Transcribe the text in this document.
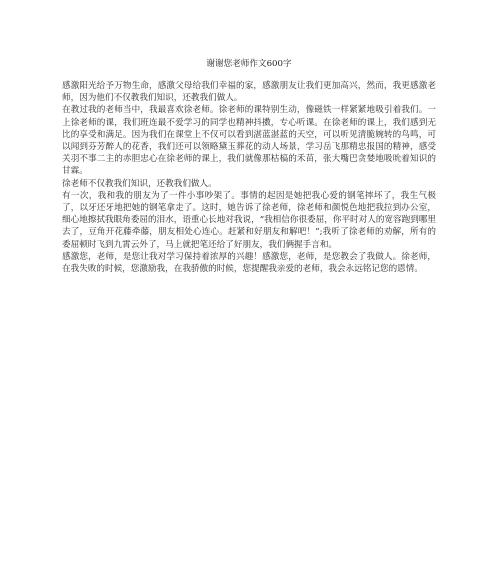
谢谢您老师作文600字

感激阳光给予万物生命，感激父母给我们幸福的家，感激朋友让我们更加高兴，然而，我更感激老师，因为他们不仅教我们知识，还教我们做人。

在教过我的老师当中，我最喜欢徐老师。徐老师的课特别生动，像磁铁一样紧紧地吸引着我们。一上徐老师的课，我们班连最不爱学习的同学也精神抖擞，专心听课。在徐老师的课上，我们感到无比的享受和满足。因为我们在课堂上不仅可以看到湛蓝湛蓝的天空，可以听见清脆婉转的鸟鸣，可以闻到芬芳醉人的花香，我们还可以领略黛玉葬花的动人场景，学习岳飞那精忠报国的精神，感受关羽不事二主的赤胆忠心在徐老师的课上，我们就像那枯槁的禾苗，张大嘴巴贪婪地吸吮着知识的甘霖。

徐老师不仅教我们知识，还教我们做人。

有一次，我和我的朋友为了一件小事吵架了。事情的起因是她把我心爱的钢笔摔坏了，我生气极了，以牙还牙地把她的钢笔拿走了。这时，她告诉了徐老师，徐老师和颜悦色地把我拉到办公室，细心地擦拭我眼角委屈的泪水，语重心长地对我说，“我相信你很委屈，你平时对人的宽容跑到哪里去了，豆角开花藤牵藤，朋友相处心连心。赶紧和好朋友和解吧！”;我听了徐老师的劝解，所有的委屈顿时飞到九霄云外了，马上就把笔还给了好朋友，我们俩握手言和。

感激您，老师，是您让我对学习保持着浓厚的兴趣！感激您，老师，是您教会了我做人。徐老师，在我失败的时候，您激励我，在我骄傲的时候，您提醒我亲爱的老师，我会永远铭记您的恩情。
